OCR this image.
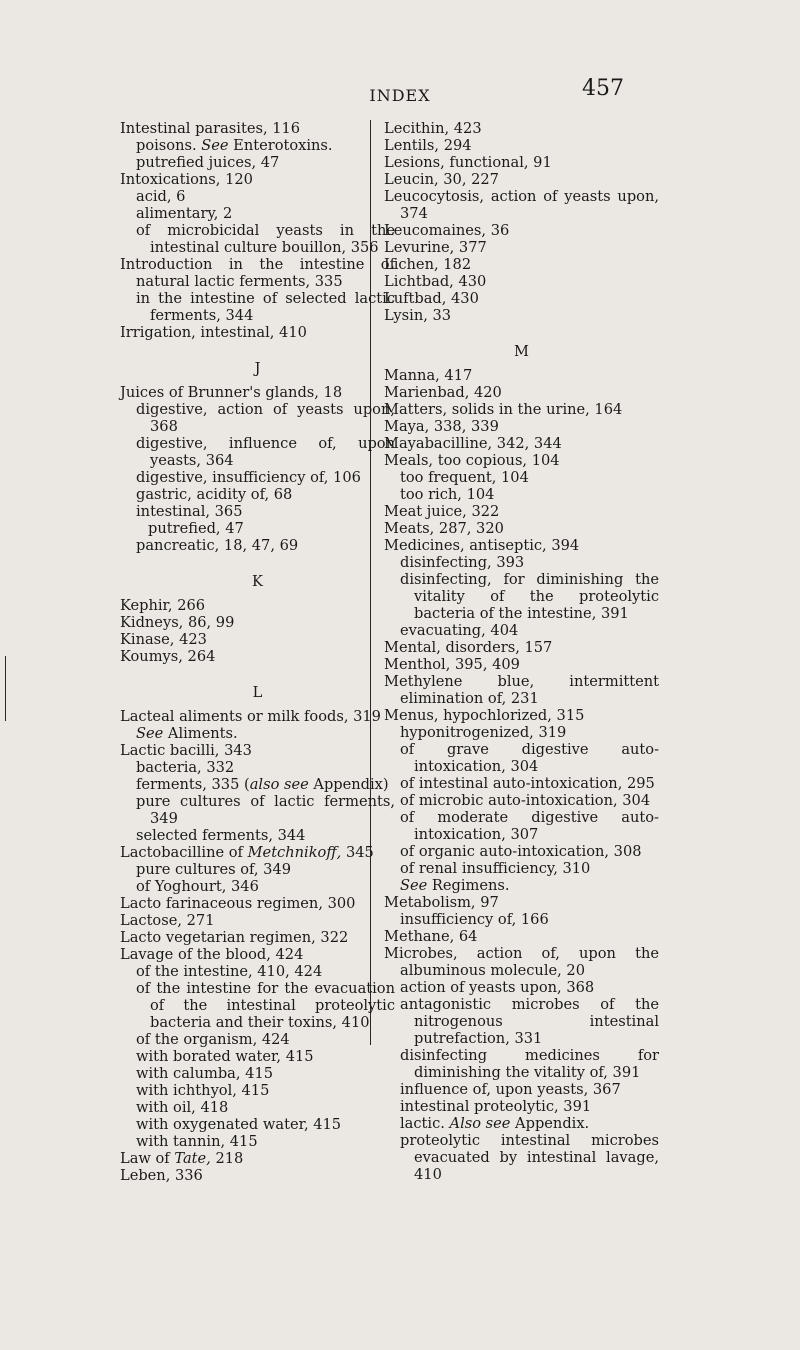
INDEX	457
Intestinal parasites, 116
poisons. See Enterotoxins.
putrefied juices, 47
Intoxications, 120
acid, 6
alimentary, 2
of microbicidal yeasts in the intestinal culture bouillon, 356
Introduction in the intestine of natural lactic ferments, 335
in the intestine of selected lactic ferments, 344
Irrigation, intestinal, 410
J
Juices of Brunner's glands, 18
digestive, action of yeasts upon, 368
digestive, influence of, upon yeasts, 364
digestive, insufficiency of, 106
gastric, acidity of, 68
intestinal, 365
putrefied, 47
pancreatic, 18, 47, 69
K
Kephir, 266
Kidneys, 86, 99
Kinase, 423
Koumys, 264
L
Lacteal aliments or milk foods, 319
See Aliments.
Lactic bacilli, 343
bacteria, 332
ferments, 335 (also see Appendix)
pure cultures of lactic ferments, 349
selected ferments, 344
Lactobacilline of Metchnikoff, 345
pure cultures of, 349
of Yoghourt, 346
Lacto farinaceous regimen, 300
Lactose, 271
Lacto vegetarian regimen, 322
Lavage of the blood, 424
of the intestine, 410, 424
of the intestine for the evacuation of the intestinal proteolytic bacteria and their toxins, 410
of the organism, 424
with borated water, 415
with calumba, 415
with ichthyol, 415
with oil, 418
with oxygenated water, 415
with tannin, 415
Law of Tate, 218
Leben, 336
Lecithin, 423
Lentils, 294
Lesions, functional, 91
Leucin, 30, 227
Leucocytosis, action of yeasts upon, 374
Leucomaines, 36
Levurine, 377
Lichen, 182
Lichtbad, 430
Luftbad, 430
Lysin, 33
M
Manna, 417
Marienbad, 420
Matters, solids in the urine, 164
Maya, 338, 339
Mayabacilline, 342, 344
Meals, too copious, 104
too frequent, 104
too rich, 104
Meat juice, 322
Meats, 287, 320
Medicines, antiseptic, 394
disinfecting, 393
disinfecting, for diminishing the vitality of the proteolytic bacteria of the intestine, 391
evacuating, 404
Mental, disorders, 157
Menthol, 395, 409
Methylene blue, intermittent elimination of, 231
Menus, hypochlorized, 315
hyponitrogenized, 319
of grave digestive auto-intoxication, 304
of intestinal auto-intoxication, 295
of microbic auto-intoxication, 304
of moderate digestive auto-intoxication, 307
of organic auto-intoxication, 308
of renal insufficiency, 310
See Regimens.
Metabolism, 97
insufficiency of, 166
Methane, 64
Microbes, action of, upon the albuminous molecule, 20
action of yeasts upon, 368
antagonistic microbes of the nitrogenous intestinal putrefaction, 331
disinfecting medicines for diminishing the vitality of, 391
influence of, upon yeasts, 367
intestinal proteolytic, 391
lactic. Also see Appendix.
proteolytic intestinal microbes evacuated by intestinal lavage, 410
